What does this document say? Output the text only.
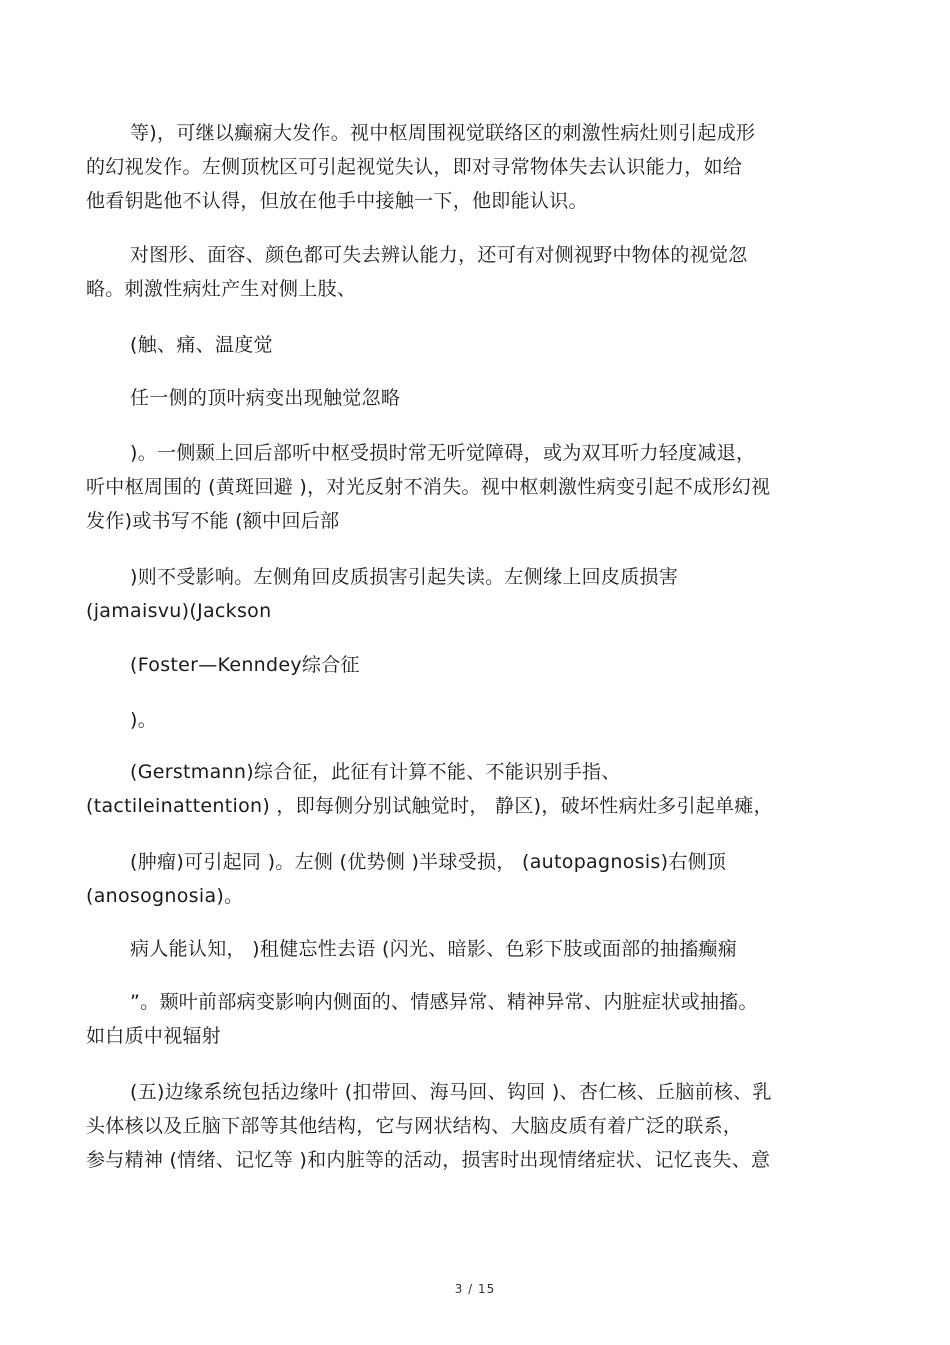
等)，可继以癫痫大发作。视中枢周围视觉联络区的刺激性病灶则引起成形
的幻视发作。左侧顶枕区可引起视觉失认，即对寻常物体失去认识能力，如给
他看钥匙他不认得，但放在他手中接触一下，他即能认识。
对图形、面容、颜色都可失去辨认能力，还可有对侧视野中物体的视觉忽
略。刺激性病灶产生对侧上肢、
(触、痛、温度觉
任一侧的顶叶病变出现触觉忽略
)。一侧颞上回后部听中枢受损时常无听觉障碍，或为双耳听力轻度减退，
听中枢周围的 (黄斑回避 )，对光反射不消失。视中枢刺激性病变引起不成形幻视
发作)或书写不能 (额中回后部
)则不受影响。左侧角回皮质损害引起失读。左侧缘上回皮质损害
(jamaisvu)(Jackson
(Foster—Kenndey综合征
)。
(Gerstmann)综合征，此征有计算不能、不能识别手指、
(tactileinattention) ，即每侧分别试触觉时， 静区)，破坏性病灶多引起单瘫，
(肿瘤)可引起同 )。左侧 (优势侧 )半球受损， (autopagnosis)右侧顶
(anosognosia)。
病人能认知， )租健忘性去语 (闪光、暗影、色彩下肢或面部的抽搐癫痫
”。颞叶前部病变影响内侧面的、情感异常、精神异常、内脏症状或抽搐。
如白质中视辐射
(五)边缘系统包括边缘叶 (扣带回、海马回、钩回 )、杏仁核、丘脑前核、乳
头体核以及丘脑下部等其他结构，它与网状结构、大脑皮质有着广泛的联系，
参与精神 (情绪、记忆等 )和内脏等的活动，损害时出现情绪症状、记忆丧失、意
3 / 15
